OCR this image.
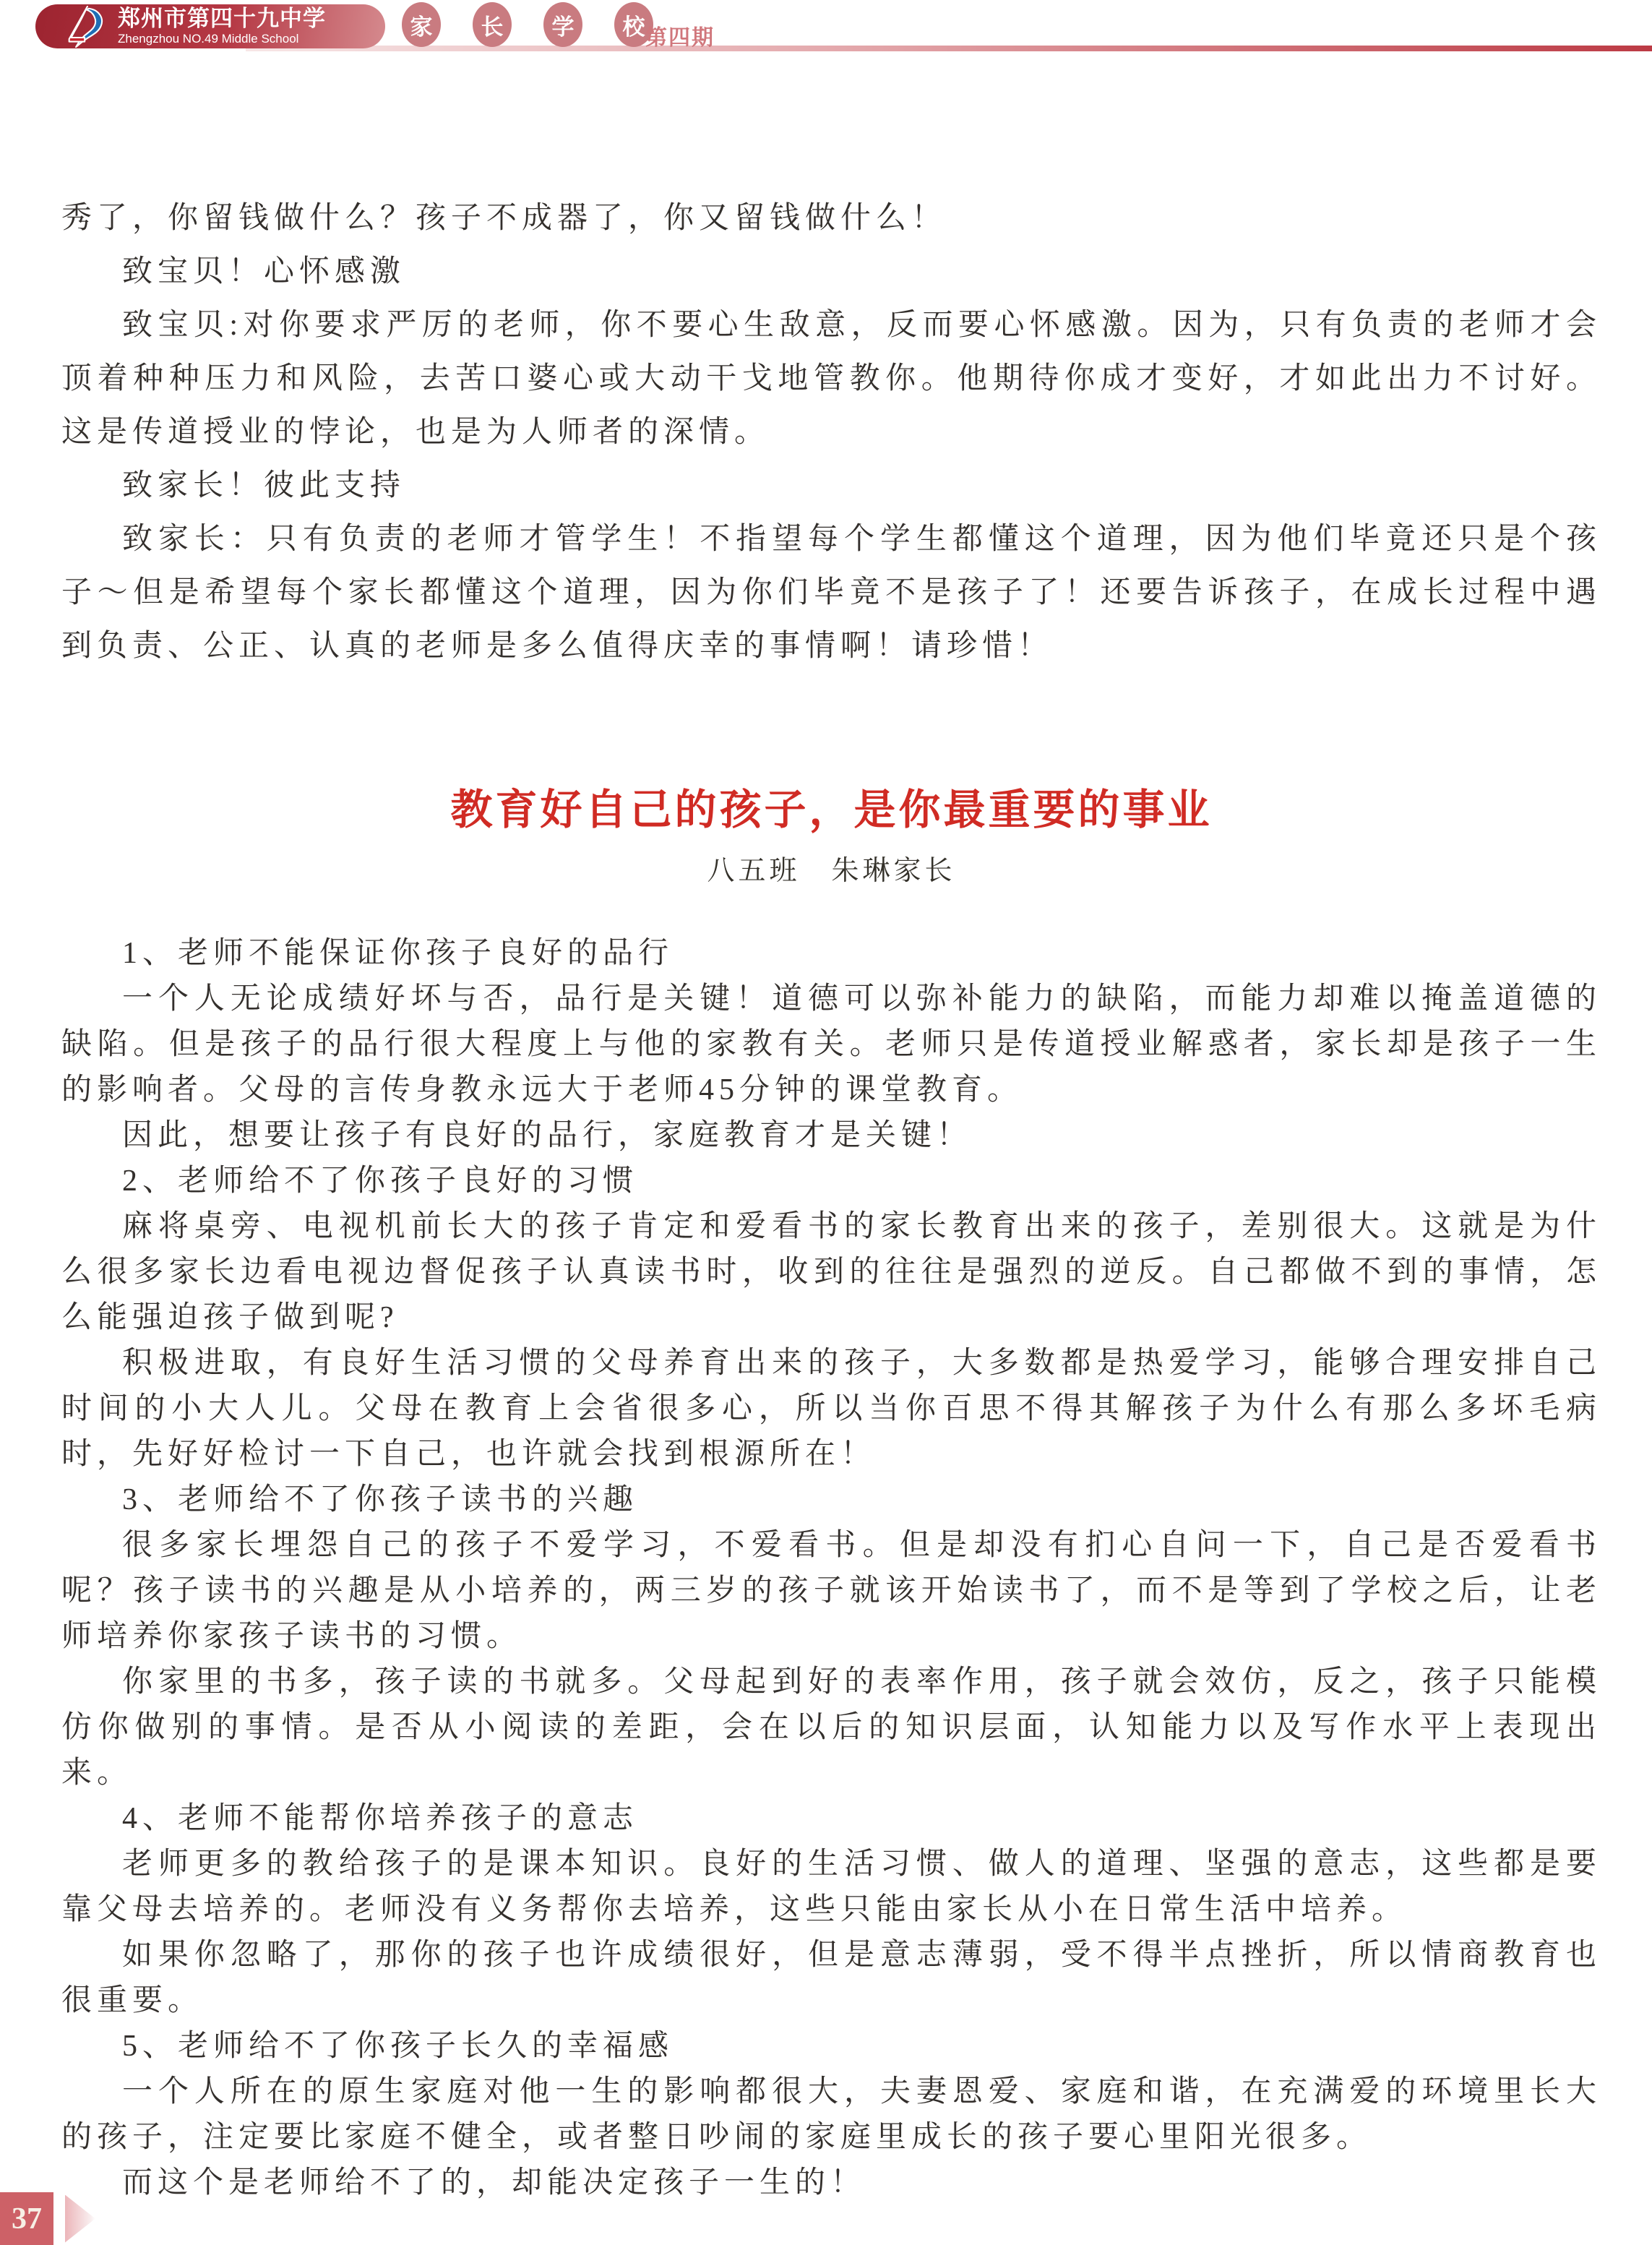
郑州市第四十九中学
Zhengzhou NO.49 Middle School	家	长	学	校 第四期

秀了，你留钱做什么？孩子不成器了，你又留钱做什么！

致宝贝！心怀感激

致宝贝:对你要求严厉的老师，你不要心生敌意，反而要心怀感激。因为，只有负责的老师才会顶着种种压力和风险，去苦口婆心或大动干戈地管教你。他期待你成才变好，才如此出力不讨好。这是传道授业的悖论，也是为人师者的深情。

致家长！彼此支持

致家长：只有负责的老师才管学生！不指望每个学生都懂这个道理，因为他们毕竟还只是个孩子～但是希望每个家长都懂这个道理，因为你们毕竟不是孩子了！还要告诉孩子，在成长过程中遇到负责、公正、认真的老师是多么值得庆幸的事情啊！请珍惜！

教育好自己的孩子，是你最重要的事业
八五班　朱琳家长

1、老师不能保证你孩子良好的品行

一个人无论成绩好坏与否，品行是关键！道德可以弥补能力的缺陷，而能力却难以掩盖道德的缺陷。但是孩子的品行很大程度上与他的家教有关。老师只是传道授业解惑者，家长却是孩子一生的影响者。父母的言传身教永远大于老师45分钟的课堂教育。

因此，想要让孩子有良好的品行，家庭教育才是关键！

2、老师给不了你孩子良好的习惯

麻将桌旁、电视机前长大的孩子肯定和爱看书的家长教育出来的孩子，差别很大。这就是为什么很多家长边看电视边督促孩子认真读书时，收到的往往是强烈的逆反。自己都做不到的事情，怎么能强迫孩子做到呢?

积极进取，有良好生活习惯的父母养育出来的孩子，大多数都是热爱学习，能够合理安排自己时间的小大人儿。父母在教育上会省很多心，所以当你百思不得其解孩子为什么有那么多坏毛病时，先好好检讨一下自己，也许就会找到根源所在！

3、老师给不了你孩子读书的兴趣

很多家长埋怨自己的孩子不爱学习，不爱看书。但是却没有扪心自问一下，自己是否爱看书呢？孩子读书的兴趣是从小培养的，两三岁的孩子就该开始读书了，而不是等到了学校之后，让老师培养你家孩子读书的习惯。

你家里的书多，孩子读的书就多。父母起到好的表率作用，孩子就会效仿，反之，孩子只能模仿你做别的事情。是否从小阅读的差距，会在以后的知识层面，认知能力以及写作水平上表现出来。

4、老师不能帮你培养孩子的意志

老师更多的教给孩子的是课本知识。良好的生活习惯、做人的道理、坚强的意志，这些都是要靠父母去培养的。老师没有义务帮你去培养，这些只能由家长从小在日常生活中培养。

如果你忽略了，那你的孩子也许成绩很好，但是意志薄弱，受不得半点挫折，所以情商教育也很重要。

5、老师给不了你孩子长久的幸福感

一个人所在的原生家庭对他一生的影响都很大，夫妻恩爱、家庭和谐，在充满爱的环境里长大的孩子，注定要比家庭不健全，或者整日吵闹的家庭里成长的孩子要心里阳光很多。

而这个是老师给不了的，却能决定孩子一生的！

37
